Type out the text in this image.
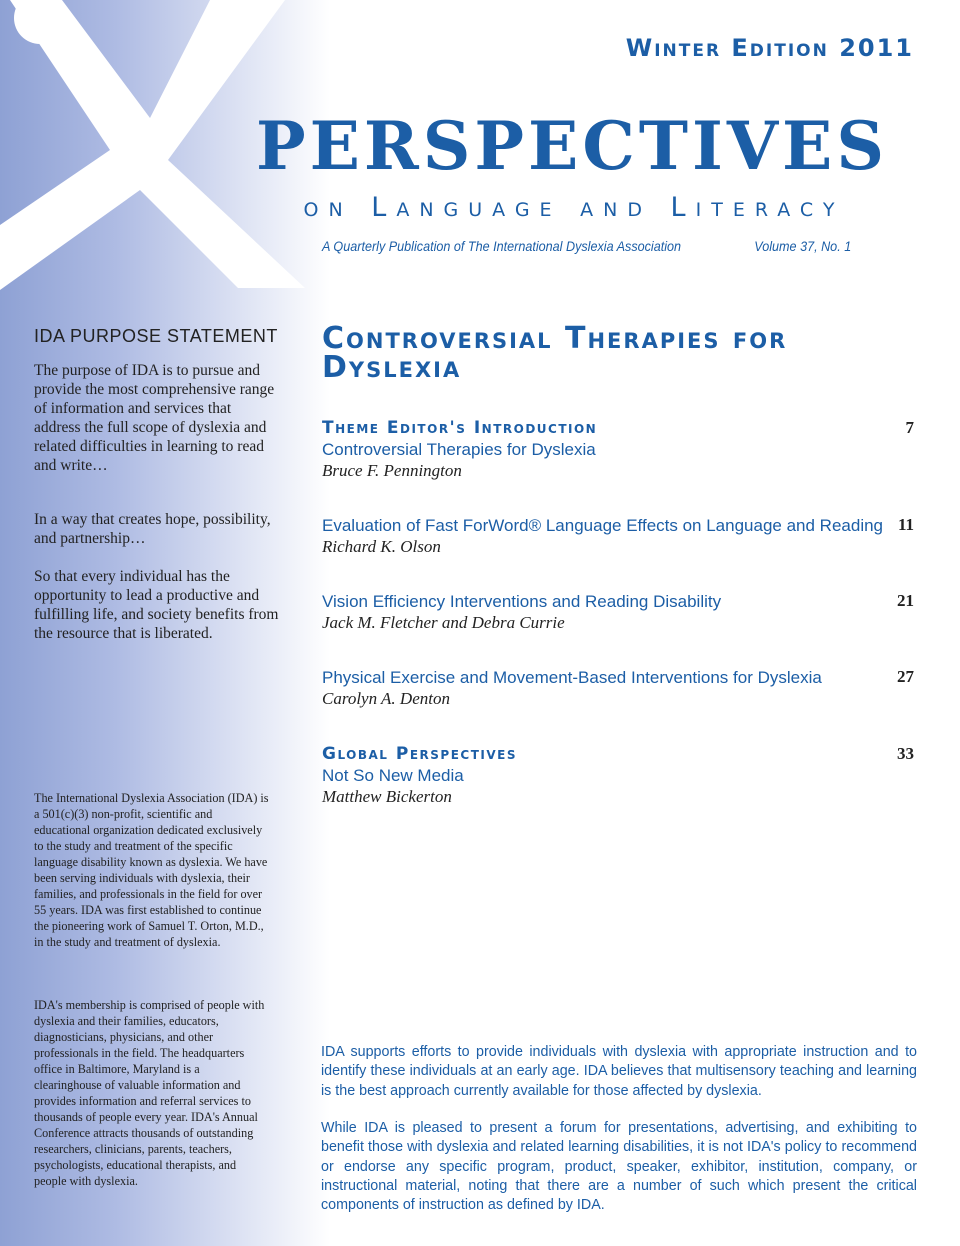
Winter Edition 2011
PERSPECTIVES
on Language and Literacy
A Quarterly Publication of The International Dyslexia Association	Volume 37, No. 1
IDA PURPOSE STATEMENT
The purpose of IDA is to pursue and provide the most comprehensive range of information and services that address the full scope of dyslexia and related difficulties in learning to read and write…
In a way that creates hope, possibility, and partnership…
So that every individual has the opportunity to lead a productive and fulfilling life, and society benefits from the resource that is liberated.
The International Dyslexia Association (IDA) is a 501(c)(3) non-profit, scientific and educational organization dedicated exclusively to the study and treatment of the specific language disability known as dyslexia. We have been serving individuals with dyslexia, their families, and professionals in the field for over 55 years. IDA was first established to continue the pioneering work of Samuel T. Orton, M.D., in the study and treatment of dyslexia.
IDA's membership is comprised of people with dyslexia and their families, educators, diagnosticians, physicians, and other professionals in the field. The headquarters office in Baltimore, Maryland is a clearinghouse of valuable information and provides information and referral services to thousands of people every year. IDA's Annual Conference attracts thousands of outstanding researchers, clinicians, parents, teachers, psychologists, educational therapists, and people with dyslexia.
Controversial Therapies for Dyslexia
Theme Editor's Introduction
Controversial Therapies for Dyslexia
Bruce F. Pennington
7
Evaluation of Fast ForWord® Language Effects on Language and Reading
Richard K. Olson
11
Vision Efficiency Interventions and Reading Disability
Jack M. Fletcher and Debra Currie
21
Physical Exercise and Movement-Based Interventions for Dyslexia
Carolyn A. Denton
27
Global Perspectives
Not So New Media
Matthew Bickerton
33
IDA supports efforts to provide individuals with dyslexia with appropriate instruction and to identify these individuals at an early age. IDA believes that multisensory teaching and learning is the best approach currently available for those affected by dyslexia.
While IDA is pleased to present a forum for presentations, advertising, and exhibiting to benefit those with dyslexia and related learning disabilities, it is not IDA's policy to recommend or endorse any specific program, product, speaker, exhibitor, institution, company, or instructional material, noting that there are a number of such which present the critical components of instruction as defined by IDA.
